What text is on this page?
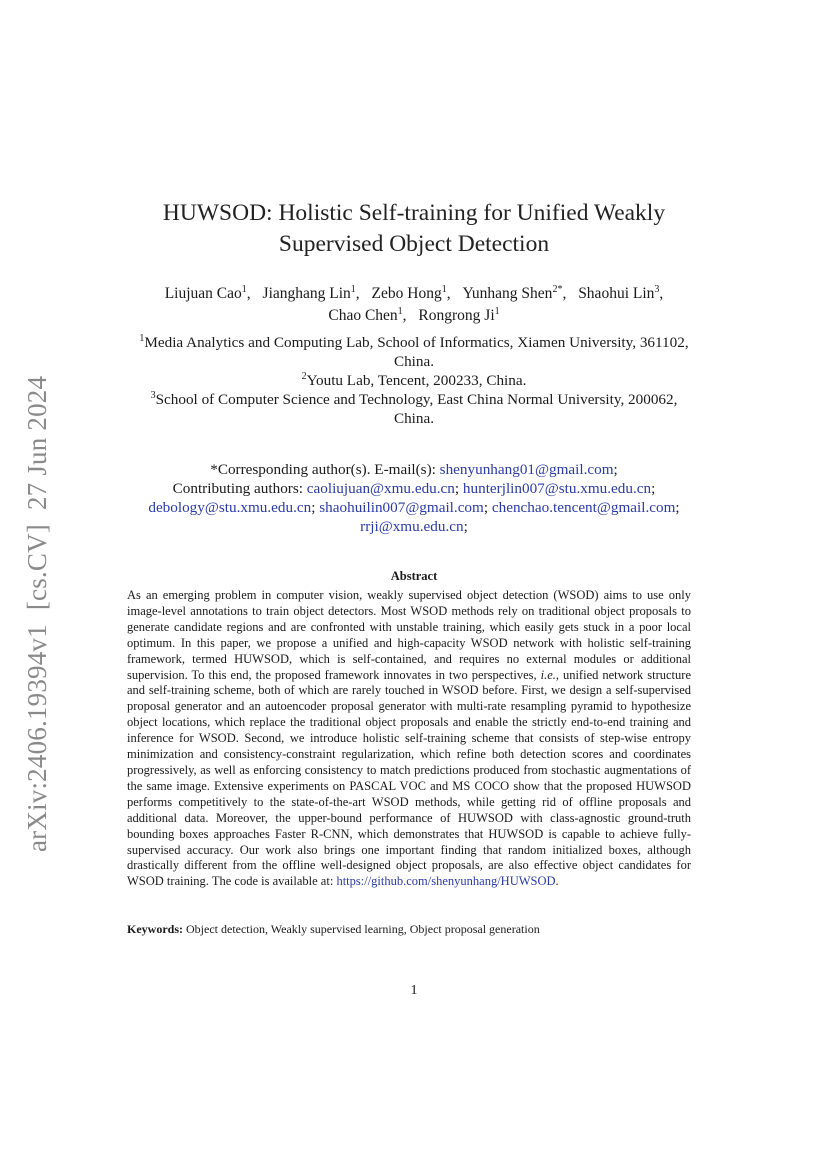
arXiv:2406.19394v1[cs.CV]27 Jun 2024
HUWSOD: Holistic Self-training for Unified Weakly
Supervised Object Detection
Liujuan Cao$^1$, Jianghang Lin$^1$, Zebo Hong$^1$, Yunhang Shen$^{2*}$, Shaohui Lin$^3$,
Chao Chen$^1$, Rongrong Ji$^1$

$^1$Media Analytics and Computing Lab, School of Informatics, Xiamen University, 361102,

China.

$^2$Youtu Lab, Tencent, 200233, China.

$^3$School of Computer Science and Technology, East China Normal University, 200062,

China.

*Corresponding author(s). E-mail(s): shenyunhang01@gmail.com;

Contributing authors: caoliujuan@xmu.edu.cn; hunterjlin007@stu.xmu.edu.cn;

debology@stu.xmu.edu.cn; shaohuilin007@gmail.com; chenchao.tencent@gmail.com;

rrji@xmu.edu.cn;

Abstract
As an emerging problem in computer vision, weakly supervised object detection (WSOD) aims to use only image-level annotations to train object detectors. Most WSOD methods rely on traditional object proposals to generate candidate regions and are confronted with unstable training, which easily gets stuck in a poor local optimum. In this paper, we propose a unified and high-capacity WSOD network with holistic self-training framework, termed HUWSOD, which is self-contained, and requires no external modules or additional supervision. To this end, the proposed framework innovates in two perspectives, i.e., unified network structure and self-training scheme, both of which are rarely touched in WSOD before. First, we design a self-supervised proposal generator and an autoencoder proposal generator with multi-rate resampling pyramid to hypothesize object locations, which replace the traditional object proposals and enable the strictly end-to-end training and inference for WSOD. Second, we introduce holistic self-training scheme that consists of step-wise entropy minimization and consistency-constraint regularization, which refine both detection scores and coordinates progressively, as well as enforcing consistency to match predictions produced from stochastic augmentations of the same image. Extensive experiments on PASCAL VOC and MS COCO show that the proposed HUWSOD performs competitively to the state-of-the-art WSOD methods, while getting rid of offline proposals and additional data. Moreover, the upper-bound performance of HUWSOD with class-agnostic ground-truth bounding boxes approaches Faster R-CNN, which demonstrates that HUWSOD is capable to achieve fully-supervised accuracy. Our work also brings one important finding that random initialized boxes, although drastically different from the offline well-designed object proposals, are also effective object candidates for WSOD training. The code is available at: https://github.com/shenyunhang/HUWSOD.
Keywords: Object detection, Weakly supervised learning, Object proposal generation
1
